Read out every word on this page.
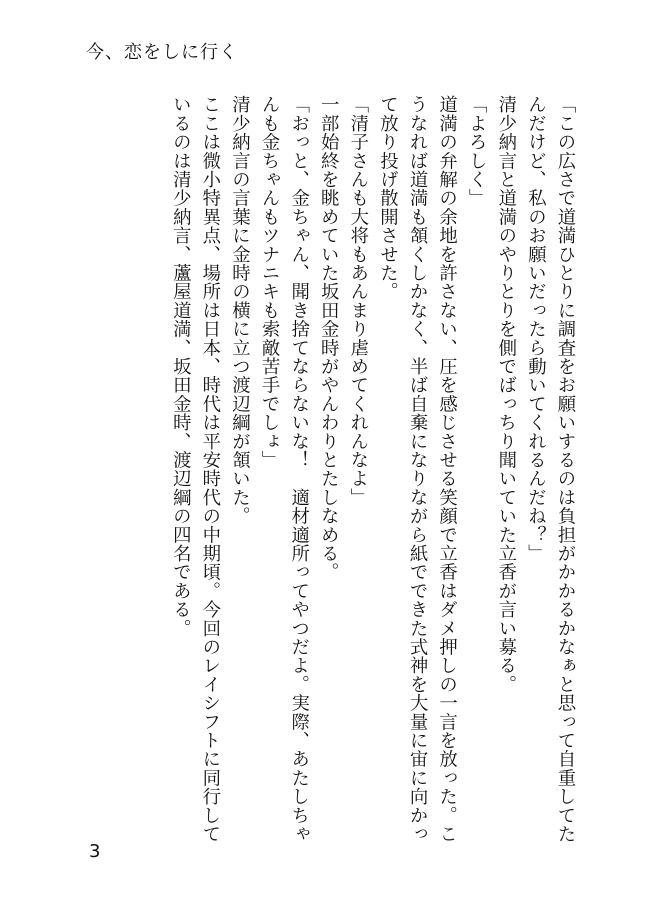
今、恋をしに行く

「この広さで道満ひとりに調査をお願いするのは負担がかかるかなぁと思って自重してたんだけど、私のお願いだったら動いてくれるんだね？」

清少納言と道満のやりとりを側でばっちり聞いていた立香が言い募る。

「よろしく」

道満の弁解の余地を許さない、圧を感じさせる笑顔で立香はダメ押しの一言を放った。こうなれば道満も頷くしかなく、半ば自棄になりながら紙でできた式神を大量に宙に向かって放り投げ散開させた。

「清子さんも大将もあんまり虐めてくれんなよ」

一部始終を眺めていた坂田金時がやんわりとたしなめる。

「おっと、金ちゃん、聞き捨てならないな！　適材適所ってやつだよ。実際、あたしちゃんも金ちゃんもツナニキも索敵苦手でしょ」

清少納言の言葉に金時の横に立つ渡辺綱が頷いた。

ここは微小特異点、場所は日本、時代は平安時代の中期頃。今回のレイシフトに同行しているのは清少納言、蘆屋道満、坂田金時、渡辺綱の四名である。

3
